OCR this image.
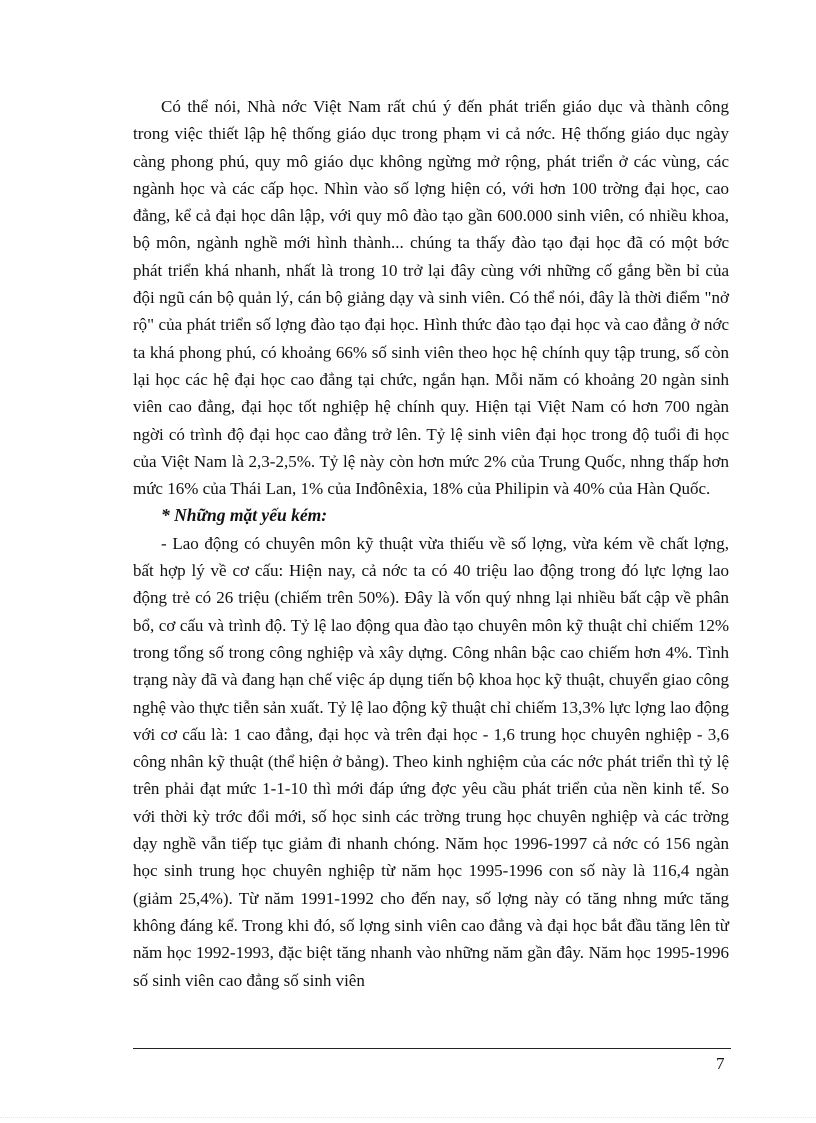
Có thể nói, Nhà nớc Việt Nam rất chú ý đến phát triển giáo dục và thành công trong việc thiết lập hệ thống giáo dục trong phạm vi cả nớc. Hệ thống giáo dục ngày càng phong phú, quy mô giáo dục không ngừng mở rộng, phát triển ở các vùng, các ngành học và các cấp học. Nhìn vào số lợng hiện có, với hơn 100 trờng đại học, cao đẳng, kể cả đại học dân lập, với quy mô đào tạo gần 600.000 sinh viên, có nhiều khoa, bộ môn, ngành nghề mới hình thành... chúng ta thấy đào tạo đại học đã có một bớc phát triển khá nhanh, nhất là trong 10 trở lại đây cùng với những cố gắng bền bỉ của đội ngũ cán bộ quản lý, cán bộ giảng dạy và sinh viên. Có thể nói, đây là thời điểm "nở rộ" của phát triển số lợng đào tạo đại học. Hình thức đào tạo đại học và cao đẳng ở nớc ta khá phong phú, có khoảng 66% số sinh viên theo học hệ chính quy tập trung, số còn lại học các hệ đại học cao đẳng tại chức, ngắn hạn. Mỗi năm có khoảng 20 ngàn sinh viên cao đẳng, đại học tốt nghiệp hệ chính quy. Hiện tại Việt Nam có hơn 700 ngàn ngời có trình độ đại học cao đẳng trở lên. Tỷ lệ sinh viên đại học trong độ tuổi đi học của Việt Nam là 2,3-2,5%. Tỷ lệ này còn hơn mức 2% của Trung Quốc, nhng thấp hơn mức 16% của Thái Lan, 1% của Inđônêxia, 18% của Philipin và 40% của Hàn Quốc.

* Những mặt yếu kém:

- Lao động có chuyên môn kỹ thuật vừa thiếu về số lợng, vừa kém về chất lợng, bất hợp lý về cơ cấu: Hiện nay, cả nớc ta có 40 triệu lao động trong đó lực lợng lao động trẻ có 26 triệu (chiếm trên 50%). Đây là vốn quý nhng lại nhiều bất cập về phân bổ, cơ cấu và trình độ. Tỷ lệ lao động qua đào tạo chuyên môn kỹ thuật chỉ chiếm 12% trong tổng số trong công nghiệp và xây dựng. Công nhân bậc cao chiếm hơn 4%. Tình trạng này đã và đang hạn chế việc áp dụng tiến bộ khoa học kỹ thuật, chuyển giao công nghệ vào thực tiễn sản xuất. Tỷ lệ lao động kỹ thuật chỉ chiếm 13,3% lực lợng lao động với cơ cấu là: 1 cao đẳng, đại học và trên đại học - 1,6 trung học chuyên nghiệp - 3,6 công nhân kỹ thuật (thể hiện ở bảng). Theo kinh nghiệm của các nớc phát triển thì tỷ lệ trên phải đạt mức 1-1-10 thì mới đáp ứng đợc yêu cầu phát triển của nền kinh tế. So với thời kỳ trớc đổi mới, số học sinh các trờng trung học chuyên nghiệp và các trờng dạy nghề vẫn tiếp tục giảm đi nhanh chóng. Năm học 1996-1997 cả nớc có 156 ngàn học sinh trung học chuyên nghiệp từ năm học 1995-1996 con số này là 116,4 ngàn (giảm 25,4%). Từ năm 1991-1992 cho đến nay, số lợng này có tăng nhng mức tăng không đáng kể. Trong khi đó, số lợng sinh viên cao đẳng và đại học bắt đầu tăng lên từ năm học 1992-1993, đặc biệt tăng nhanh vào những năm gần đây. Năm học 1995-1996 số sinh viên cao đẳng số sinh viên

7
